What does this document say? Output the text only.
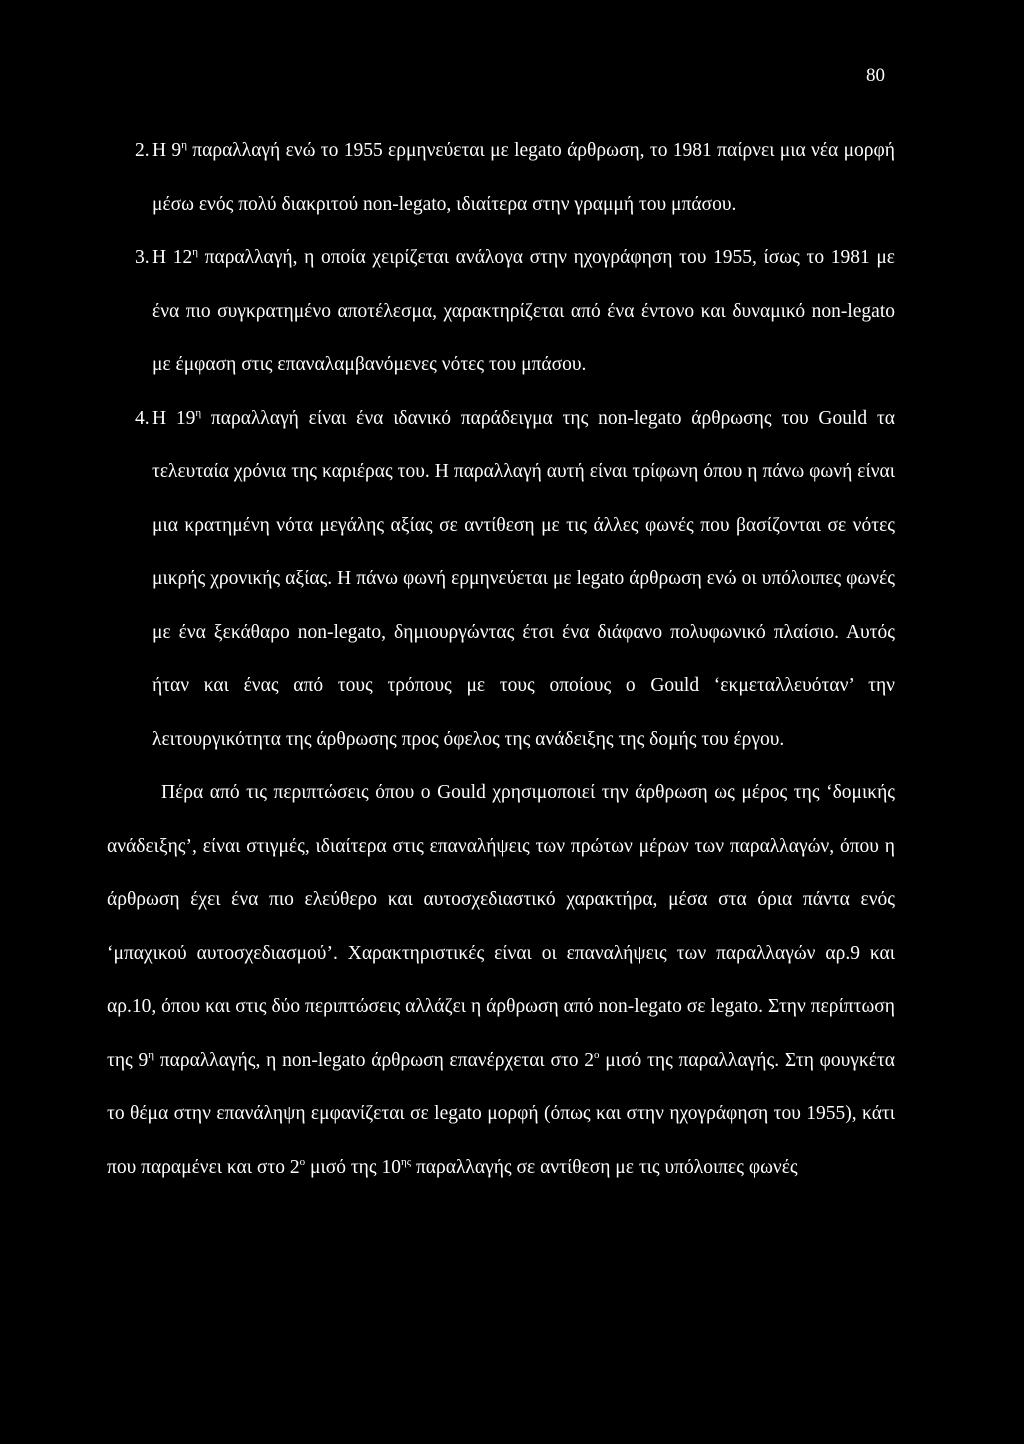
80
2. Η $9^\eta$ παραλλαγή ενώ το 1955 ερμηνεύεται με legato άρθρωση, το 1981 παίρνει μια νέα μορφή μέσω ενός πολύ διακριτού non-legato, ιδιαίτερα στην γραμμή του μπάσου.
3. Η $12^\eta$ παραλλαγή, η οποία χειρίζεται ανάλογα στην ηχογράφηση του 1955, ίσως το 1981 με ένα πιο συγκρατημένο αποτέλεσμα, χαρακτηρίζεται από ένα έντονο και δυναμικό non-legato με έμφαση στις επαναλαμβανόμενες νότες του μπάσου.
4. Η $19^\eta$ παραλλαγή είναι ένα ιδανικό παράδειγμα της non-legato άρθρωσης του Gould τα τελευταία χρόνια της καριέρας του. Η παραλλαγή αυτή είναι τρίφωνη όπου η πάνω φωνή είναι μια κρατημένη νότα μεγάλης αξίας σε αντίθεση με τις άλλες φωνές που βασίζονται σε νότες μικρής χρονικής αξίας. Η πάνω φωνή ερμηνεύεται με legato άρθρωση ενώ οι υπόλοιπες φωνές με ένα ξεκάθαρο non-legato, δημιουργώντας έτσι ένα διάφανο πολυφωνικό πλαίσιο. Αυτός ήταν και ένας από τους τρόπους με τους οποίους ο Gould ‘εκμεταλλευόταν’ την λειτουργικότητα της άρθρωσης προς όφελος της ανάδειξης της δομής του έργου.

Πέρα από τις περιπτώσεις όπου ο Gould χρησιμοποιεί την άρθρωση ως μέρος της ‘δομικής ανάδειξης’, είναι στιγμές, ιδιαίτερα στις επαναλήψεις των πρώτων μέρων των παραλλαγών, όπου η άρθρωση έχει ένα πιο ελεύθερο και αυτοσχεδιαστικό χαρακτήρα, μέσα στα όρια πάντα ενός ‘μπαχικού αυτοσχεδιασμού’. Χαρακτηριστικές είναι οι επαναλήψεις των παραλλαγών αρ.9 και αρ.10, όπου και στις δύο περιπτώσεις αλλάζει η άρθρωση από non-legato σε legato. Στην περίπτωση της $9^\eta$ παραλλαγής, η non-legato άρθρωση επανέρχεται στο $2^o$ μισό της παραλλαγής. Στη φουγκέτα το θέμα στην επανάληψη εμφανίζεται σε legato μορφή (όπως και στην ηχογράφηση του 1955), κάτι που παραμένει και στο $2^o$ μισό της $10^{\eta\varsigma}$ παραλλαγής σε αντίθεση με τις υπόλοιπες φωνές
